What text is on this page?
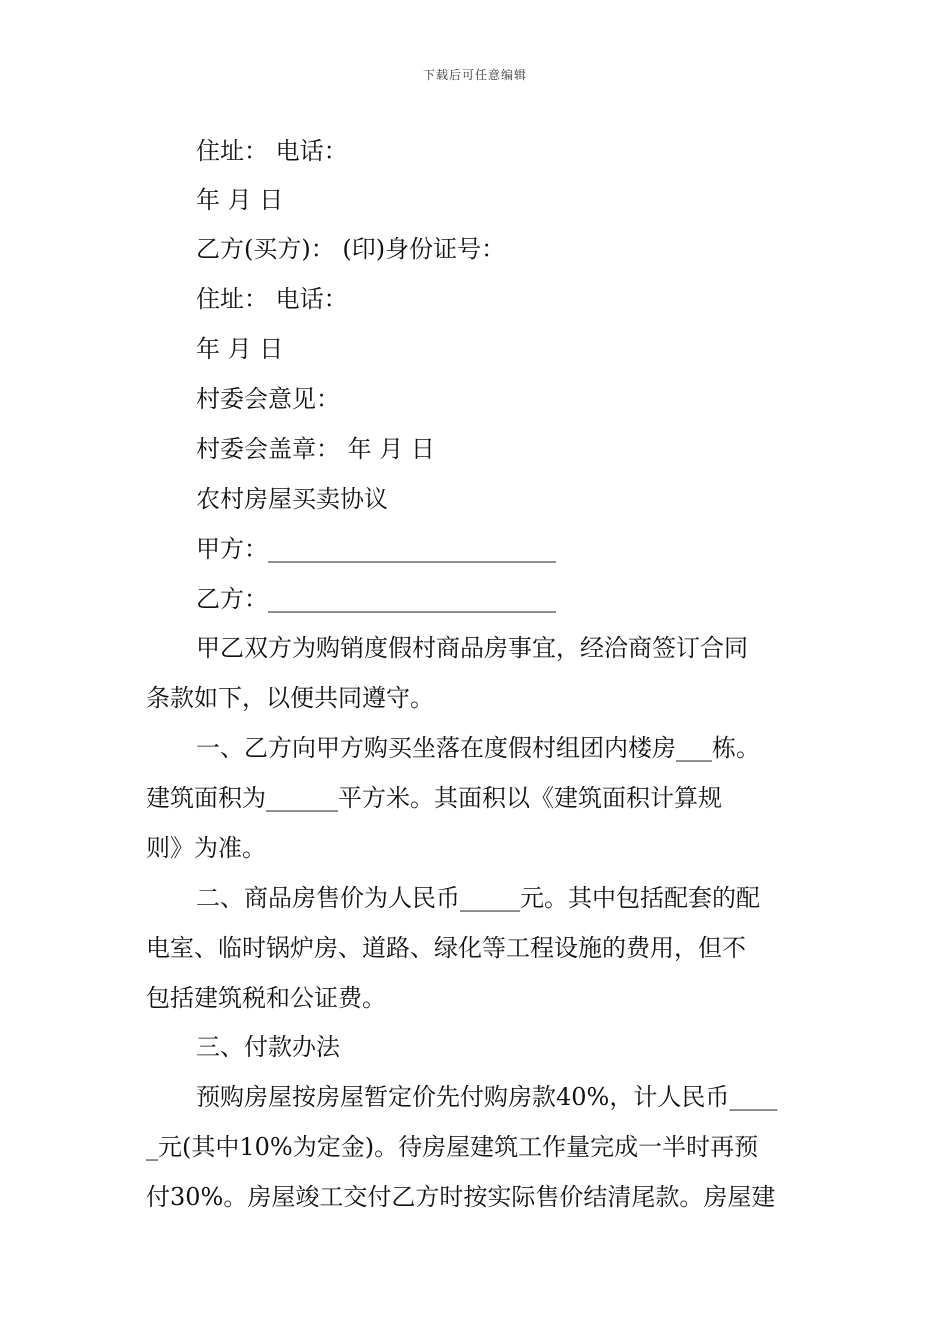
下载后可任意编辑
住址： 电话：
年 月 日
乙方(买方)： (印)身份证号：
住址： 电话：
年 月 日
村委会意见：
村委会盖章： 年 月 日
农村房屋买卖协议
甲方：________________________
乙方：________________________
甲乙双方为购销度假村商品房事宜，经洽商签订合同
条款如下，以便共同遵守。
一、乙方向甲方购买坐落在度假村组团内楼房___栋。
建筑面积为______平方米。其面积以《建筑面积计算规
则》为准。
二、商品房售价为人民币_____元。其中包括配套的配
电室、临时锅炉房、道路、绿化等工程设施的费用，但不
包括建筑税和公证费。
三、付款办法
预购房屋按房屋暂定价先付购房款40%，计人民币____
_元(其中10%为定金)。待房屋建筑工作量完成一半时再预
付30%。房屋竣工交付乙方时按实际售价结清尾款。房屋建
